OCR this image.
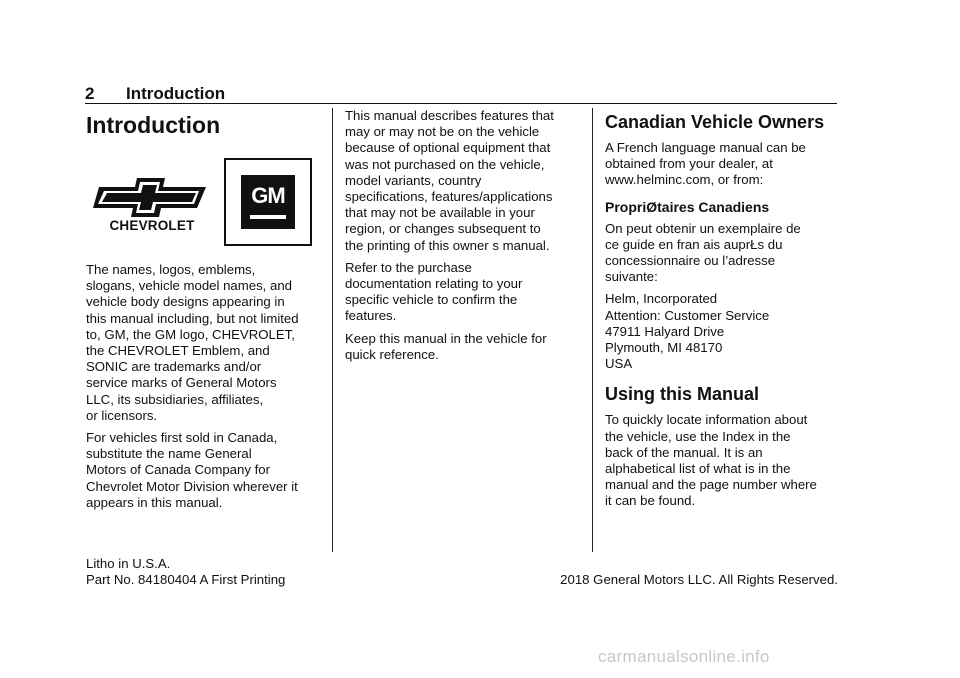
2 Introduction
Introduction
CHEVROLET
GM

The names, logos, emblems,
slogans, vehicle model names, and
vehicle body designs appearing in
this manual including, but not limited
to, GM, the GM logo, CHEVROLET,
the CHEVROLET Emblem, and
SONIC are trademarks and/or
service marks of General Motors
LLC, its subsidiaries, affiliates,
or licensors.

For vehicles first sold in Canada,
substitute the name General
Motors of Canada Company for
Chevrolet Motor Division wherever it
appears in this manual.

This manual describes features that
may or may not be on the vehicle
because of optional equipment that
was not purchased on the vehicle,
model variants, country
specifications, features/applications
that may not be available in your
region, or changes subsequent to
the printing of this owner s manual.

Refer to the purchase
documentation relating to your
specific vehicle to confirm the
features.

Keep this manual in the vehicle for
quick reference.

Canadian Vehicle Owners

A French language manual can be
obtained from your dealer, at
www.helminc.com, or from:

PropriØtaires Canadiens

On peut obtenir un exemplaire de
ce guide en fran ais auprŁs du
concessionnaire ou l’adresse
suivante:

Helm, Incorporated
Attention: Customer Service
47911 Halyard Drive
Plymouth, MI 48170
USA

Using this Manual

To quickly locate information about
the vehicle, use the Index in the
back of the manual. It is an
alphabetical list of what is in the
manual and the page number where
it can be found.

Litho in U.S.A.
Part No. 84180404 A First Printing	2018 General Motors LLC. All Rights Reserved.
carmanualsonline.info
